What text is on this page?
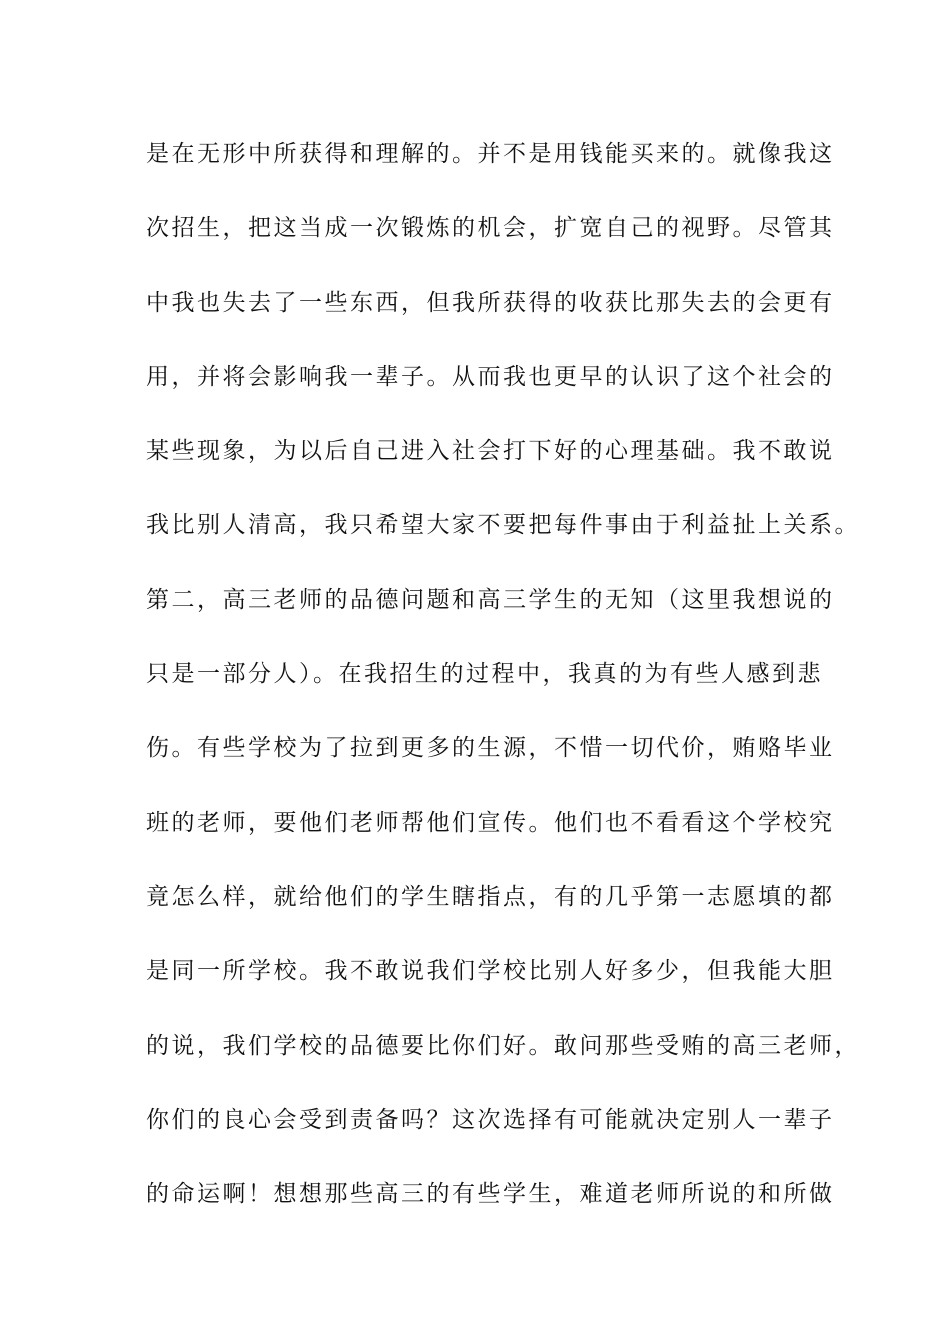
是在无形中所获得和理解的。并不是用钱能买来的。就像我这
次招生，把这当成一次锻炼的机会，扩宽自己的视野。尽管其
中我也失去了一些东西，但我所获得的收获比那失去的会更有
用，并将会影响我一辈子。从而我也更早的认识了这个社会的
某些现象，为以后自己进入社会打下好的心理基础。我不敢说
我比别人清高，我只希望大家不要把每件事由于利益扯上关系。
第二，高三老师的品德问题和高三学生的无知（这里我想说的
只是一部分人）。在我招生的过程中，我真的为有些人感到悲
伤。有些学校为了拉到更多的生源，不惜一切代价，贿赂毕业
班的老师，要他们老师帮他们宣传。他们也不看看这个学校究
竟怎么样，就给他们的学生瞎指点，有的几乎第一志愿填的都
是同一所学校。我不敢说我们学校比别人好多少，但我能大胆
的说，我们学校的品德要比你们好。敢问那些受贿的高三老师，
你们的良心会受到责备吗？这次选择有可能就决定别人一辈子
的命运啊！想想那些高三的有些学生，难道老师所说的和所做
